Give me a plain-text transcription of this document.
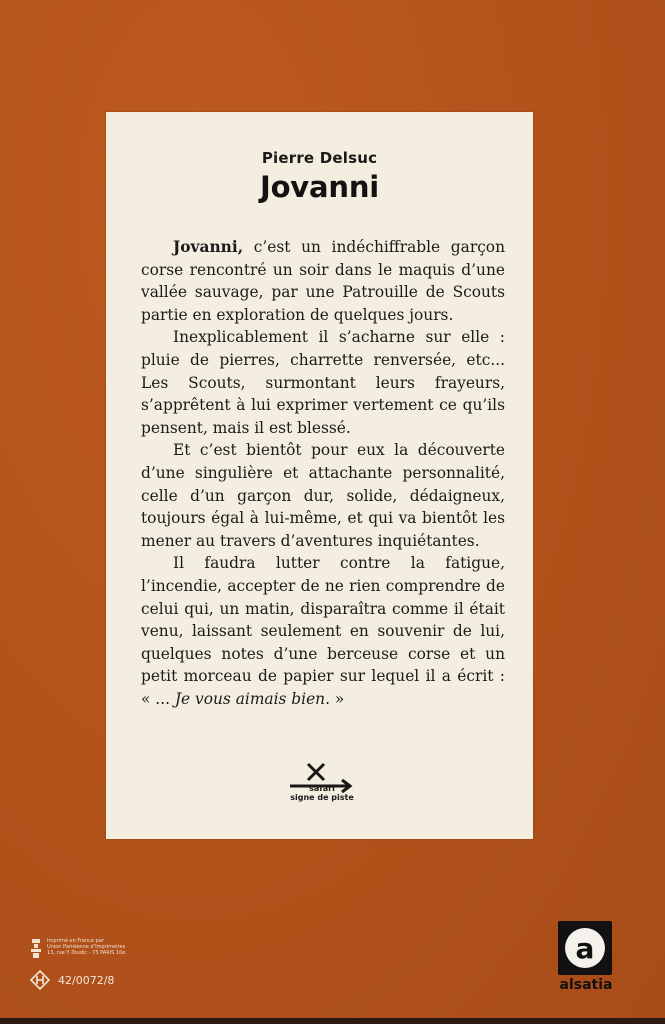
Pierre Delsuc
Jovanni

Jovanni, c’est un indéchiffrable garçon corse rencontré un soir dans le maquis d’une vallée sauvage, par une Patrouille de Scouts partie en exploration de quelques jours.

Inexplicablement il s’acharne sur elle : pluie de pierres, charrette renversée, etc... Les Scouts, surmontant leurs frayeurs, s’apprêtent à lui exprimer vertement ce qu’ils pensent, mais il est blessé.

Et c’est bientôt pour eux la découverte d’une singulière et attachante personnalité, celle d’un garçon dur, solide, dédaigneux, toujours égal à lui-même, et qui va bientôt les mener au travers d’aventures inquiétantes.

Il faudra lutter contre la fatigue, l’incendie, accepter de ne rien comprendre de celui qui, un matin, disparaîtra comme il était venu, laissant seulement en souvenir de lui, quelques notes d’une berceuse corse et un petit morceau de papier sur lequel il a écrit : « ... Je vous aimais bien. »

safari
signe de piste
Imprimé en France par
Union Parisienne d’Imprimeries
13, rue Y.-Toudic - 75 PARIS 10e
42/0072/8
a
alsatia
